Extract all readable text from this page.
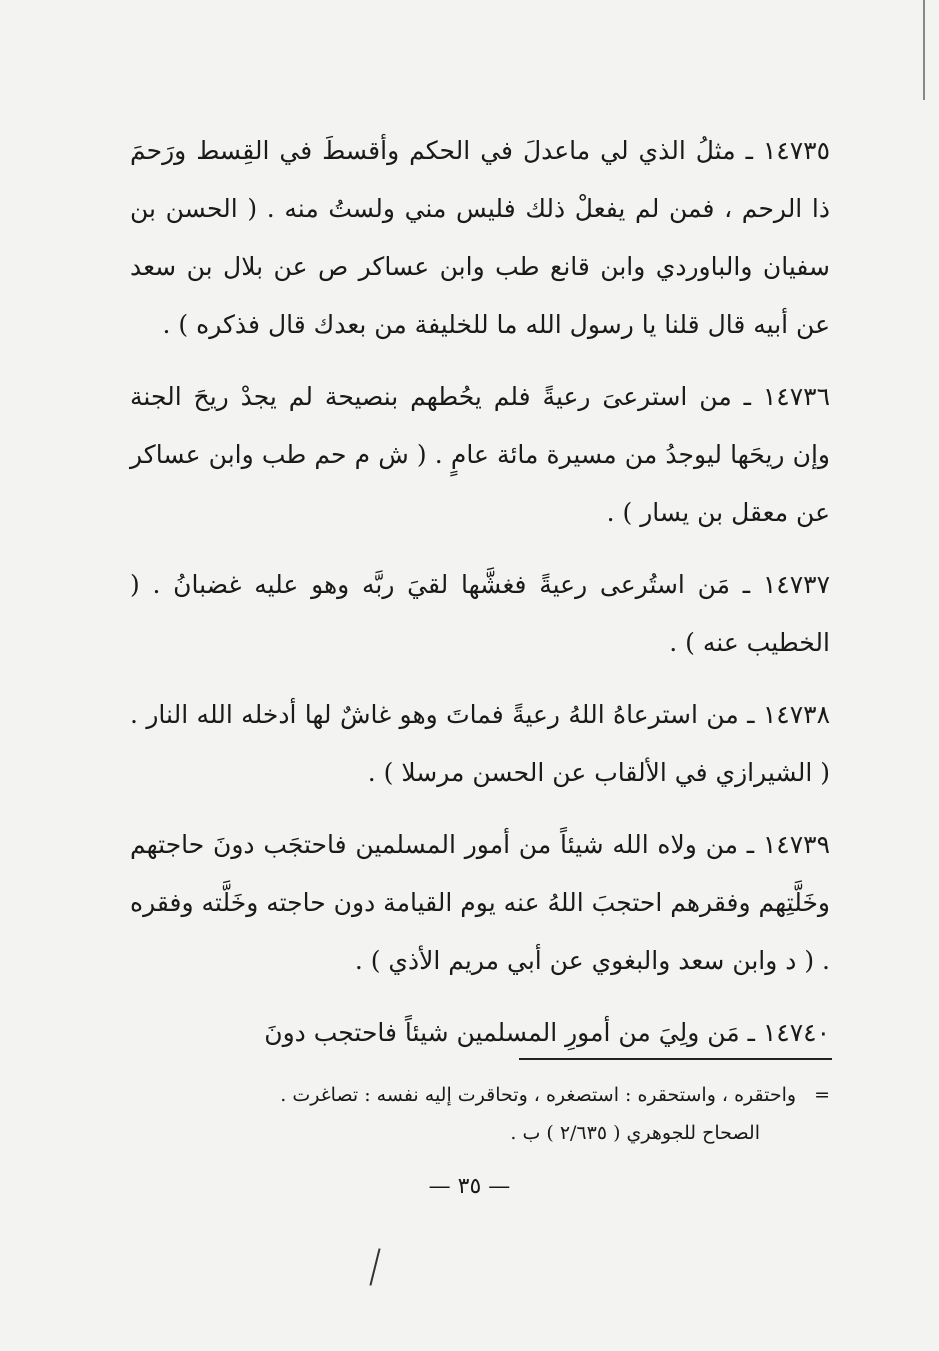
١٤٧٣٥ ـ مثلُ الذي لي ماعدلَ في الحكم وأقسطَ في القِسط ورَحمَ ذا الرحم ، فمن لم يفعلْ ذلك فليس مني ولستُ منه . ( الحسن بن سفيان والباوردي وابن قانع طب وابن عساكر ص عن بلال بن سعد عن أبيه قال قلنا يا رسول الله ما للخليفة من بعدك قال فذكره ) .

١٤٧٣٦ ـ من استرعىَ رعيةً فلم يحُطهم بنصيحة لم يجدْ ريحَ الجنة وإن ريحَها ليوجدُ من مسيرة مائة عامٍ . ( ش م حم طب وابن عساكر عن معقل بن يسار ) .

١٤٧٣٧ ـ مَن استُرعى رعيةً فغشَّها لقيَ ربَّه وهو عليه غضبانُ . ( الخطيب عنه ) .

١٤٧٣٨ ـ من استرعاهُ اللهُ رعيةً فماتَ وهو غاشٌ لها أدخله الله النار . ( الشيرازي في الألقاب عن الحسن مرسلا ) .

١٤٧٣٩ ـ من ولاه الله شيئاً من أمور المسلمين فاحتجَب دونَ حاجتهم وخَلَّتِهم وفقرهم احتجبَ اللهُ عنه يوم القيامة دون حاجته وخَلَّته وفقره . ( د وابن سعد والبغوي عن أبي مريم الأذي ) .

١٤٧٤٠ ـ مَن ولِيَ من أمورِ المسلمين شيئاً فاحتجب دونَ

=واحتقره ، واستحقره : استصغره ، وتحاقرت إليه نفسه : تصاغرت .
الصحاح للجوهري ( ٢/٦٣٥ ) ب .
— ٣٥ —
